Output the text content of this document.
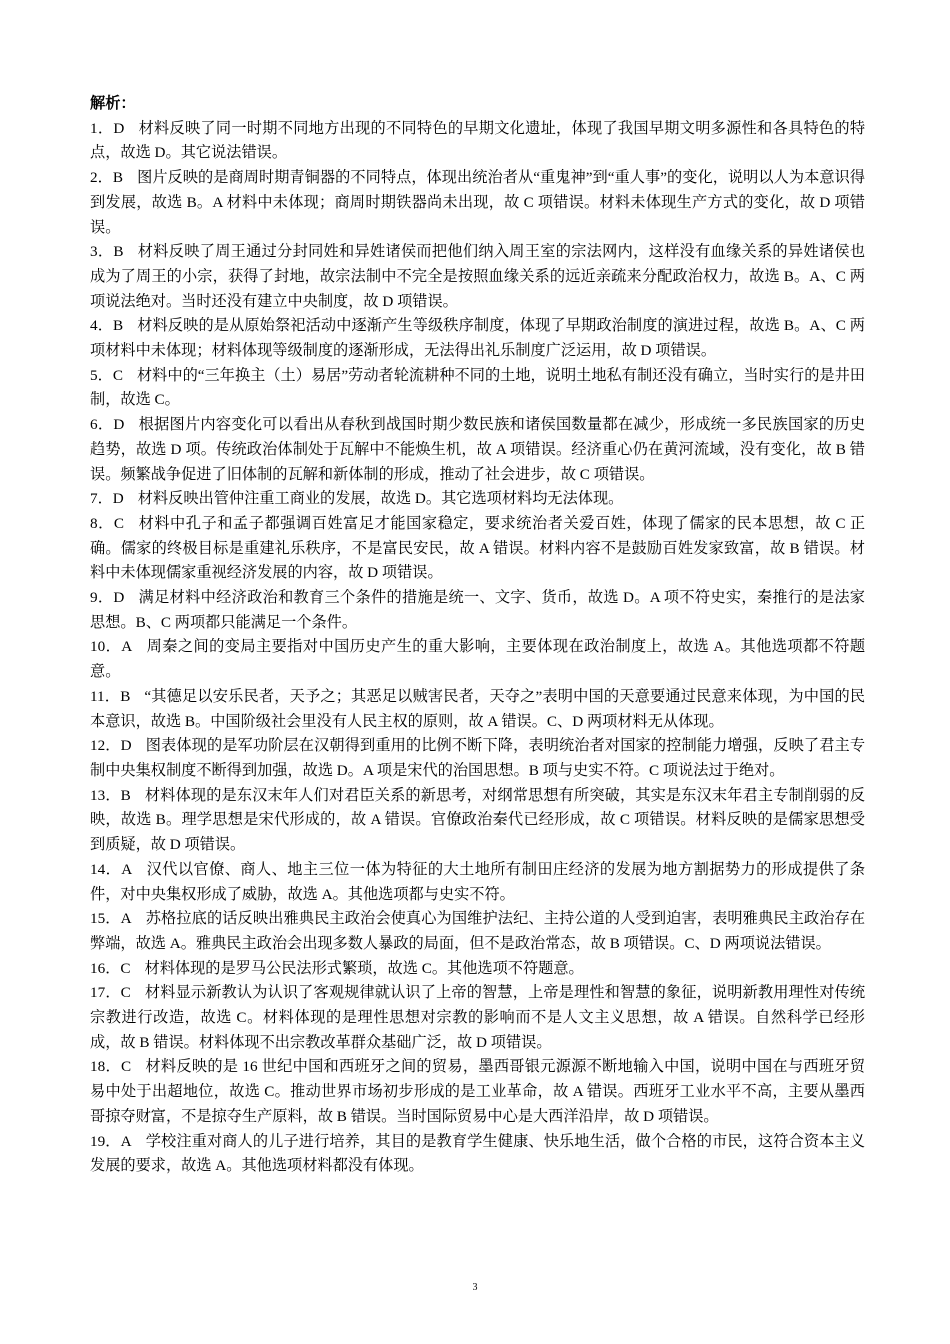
解析：

1．D 材料反映了同一时期不同地方出现的不同特色的早期文化遗址，体现了我国早期文明多源性和各具特色的特点，故选 D。其它说法错误。

2．B 图片反映的是商周时期青铜器的不同特点，体现出统治者从“重鬼神”到“重人事”的变化，说明以人为本意识得到发展，故选 B。A 材料中未体现；商周时期铁器尚未出现，故 C 项错误。材料未体现生产方式的变化，故 D 项错误。

3．B 材料反映了周王通过分封同姓和异姓诸侯而把他们纳入周王室的宗法网内，这样没有血缘关系的异姓诸侯也成为了周王的小宗，获得了封地，故宗法制中不完全是按照血缘关系的远近亲疏来分配政治权力，故选 B。A、C 两项说法绝对。当时还没有建立中央制度，故 D 项错误。

4．B 材料反映的是从原始祭祀活动中逐渐产生等级秩序制度，体现了早期政治制度的演进过程，故选 B。A、C 两项材料中未体现；材料体现等级制度的逐渐形成，无法得出礼乐制度广泛运用，故 D 项错误。

5．C 材料中的“三年换主（土）易居”劳动者轮流耕种不同的土地，说明土地私有制还没有确立，当时实行的是井田制，故选 C。

6．D 根据图片内容变化可以看出从春秋到战国时期少数民族和诸侯国数量都在减少，形成统一多民族国家的历史趋势，故选 D 项。传统政治体制处于瓦解中不能焕生机，故 A 项错误。经济重心仍在黄河流域，没有变化，故 B 错误。频繁战争促进了旧体制的瓦解和新体制的形成，推动了社会进步，故 C 项错误。

7．D 材料反映出管仲注重工商业的发展，故选 D。其它选项材料均无法体现。

8．C 材料中孔子和孟子都强调百姓富足才能国家稳定，要求统治者关爱百姓，体现了儒家的民本思想，故 C 正确。儒家的终极目标是重建礼乐秩序，不是富民安民，故 A 错误。材料内容不是鼓励百姓发家致富，故 B 错误。材料中未体现儒家重视经济发展的内容，故 D 项错误。

9．D 满足材料中经济政治和教育三个条件的措施是统一、文字、货币，故选 D。A 项不符史实，秦推行的是法家思想。B、C 两项都只能满足一个条件。

10．A 周秦之间的变局主要指对中国历史产生的重大影响，主要体现在政治制度上，故选 A。其他选项都不符题意。

11．B “其德足以安乐民者，天予之；其恶足以贼害民者，天夺之”表明中国的天意要通过民意来体现，为中国的民本意识，故选 B。中国阶级社会里没有人民主权的原则，故 A 错误。C、D 两项材料无从体现。

12．D 图表体现的是军功阶层在汉朝得到重用的比例不断下降，表明统治者对国家的控制能力增强，反映了君主专制中央集权制度不断得到加强，故选 D。A 项是宋代的治国思想。B 项与史实不符。C 项说法过于绝对。

13．B 材料体现的是东汉末年人们对君臣关系的新思考，对纲常思想有所突破，其实是东汉末年君主专制削弱的反映，故选 B。理学思想是宋代形成的，故 A 错误。官僚政治秦代已经形成，故 C 项错误。材料反映的是儒家思想受到质疑，故 D 项错误。

14．A 汉代以官僚、商人、地主三位一体为特征的大土地所有制田庄经济的发展为地方割据势力的形成提供了条件，对中央集权形成了威胁，故选 A。其他选项都与史实不符。

15．A 苏格拉底的话反映出雅典民主政治会使真心为国维护法纪、主持公道的人受到迫害，表明雅典民主政治存在弊端，故选 A。雅典民主政治会出现多数人暴政的局面，但不是政治常态，故 B 项错误。C、D 两项说法错误。

16．C 材料体现的是罗马公民法形式繁琐，故选 C。其他选项不符题意。

17．C 材料显示新教认为认识了客观规律就认识了上帝的智慧，上帝是理性和智慧的象征，说明新教用理性对传统宗教进行改造，故选 C。材料体现的是理性思想对宗教的影响而不是人文主义思想，故 A 错误。自然科学已经形成，故 B 错误。材料体现不出宗教改革群众基础广泛，故 D 项错误。

18．C 材料反映的是 16 世纪中国和西班牙之间的贸易，墨西哥银元源源不断地输入中国，说明中国在与西班牙贸易中处于出超地位，故选 C。推动世界市场初步形成的是工业革命，故 A 错误。西班牙工业水平不高，主要从墨西哥掠夺财富，不是掠夺生产原料，故 B 错误。当时国际贸易中心是大西洋沿岸，故 D 项错误。

19．A 学校注重对商人的儿子进行培养，其目的是教育学生健康、快乐地生活，做个合格的市民，这符合资本主义发展的要求，故选 A。其他选项材料都没有体现。

3
